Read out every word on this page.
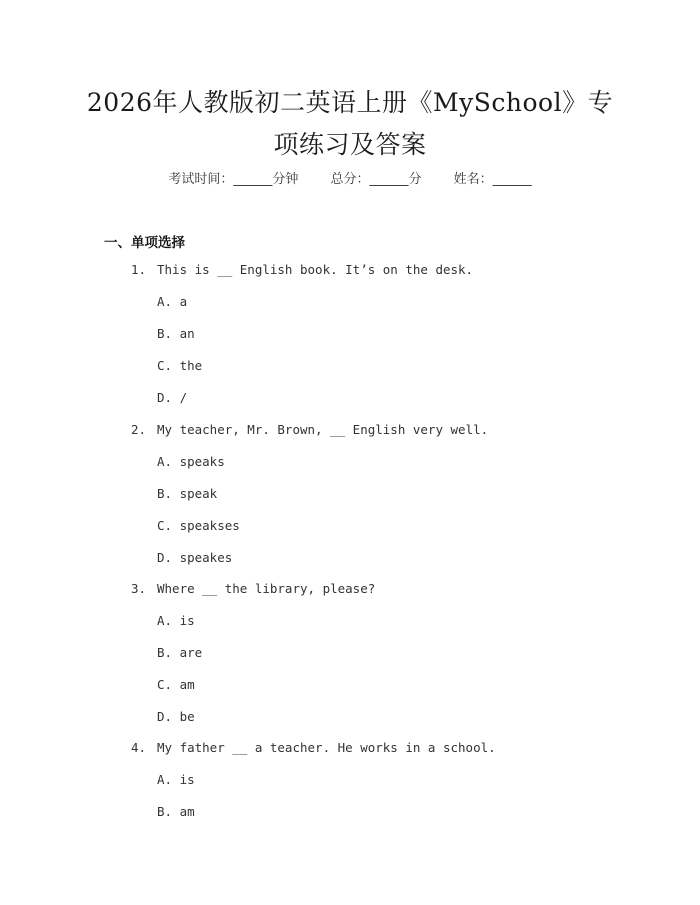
2026年人教版初二英语上册《MySchool》专
项练习及答案
考试时间：______分钟 总分：______分 姓名：______
一、单项选择
1. This is __ English book. It’s on the desk.
A. a
B. an
C. the
D. /
2. My teacher, Mr. Brown, __ English very well.
A. speaks
B. speak
C. speakses
D. speakes
3. Where __ the library, please?
A. is
B. are
C. am
D. be
4. My father __ a teacher. He works in a school.
A. is
B. am
